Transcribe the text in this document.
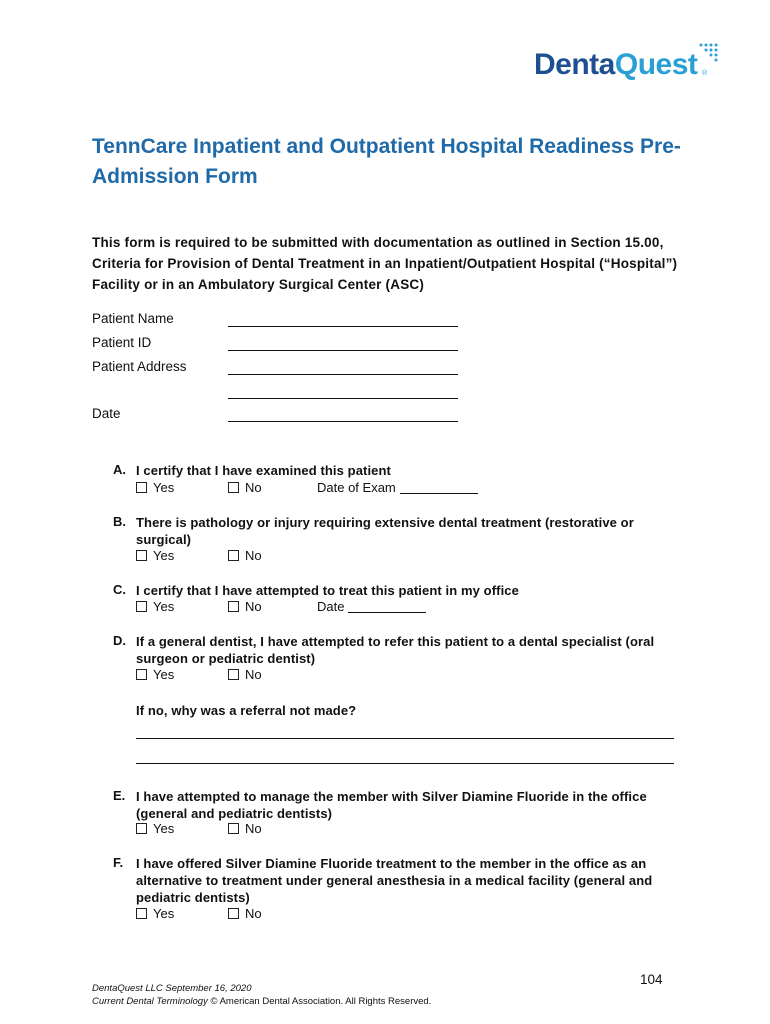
DentaQuest ®
TennCare Inpatient and Outpatient Hospital Readiness Pre-Admission Form
This form is required to be submitted with documentation as outlined in Section 15.00, Criteria for Provision of Dental Treatment in an Inpatient/Outpatient Hospital (“Hospital”) Facility or in an Ambulatory Surgical Center (ASC)
Patient Name
Patient ID
Patient Address
Date
A. I certify that I have examined this patient
Yes	No	Date of Exam
B. There is pathology or injury requiring extensive dental treatment (restorative or surgical)
Yes	No
C. I certify that I have attempted to treat this patient in my office
Yes	No	Date
D. If a general dentist, I have attempted to refer this patient to a dental specialist (oral surgeon or pediatric dentist)
Yes	No
If no, why was a referral not made?
E. I have attempted to manage the member with Silver Diamine Fluoride in the office (general and pediatric dentists)
Yes	No
F. I have offered Silver Diamine Fluoride treatment to the member in the office as an alternative to treatment under general anesthesia in a medical facility (general and pediatric dentists)
Yes	No
104
DentaQuest LLC September 16, 2020
Current Dental Terminology © American Dental Association. All Rights Reserved.
